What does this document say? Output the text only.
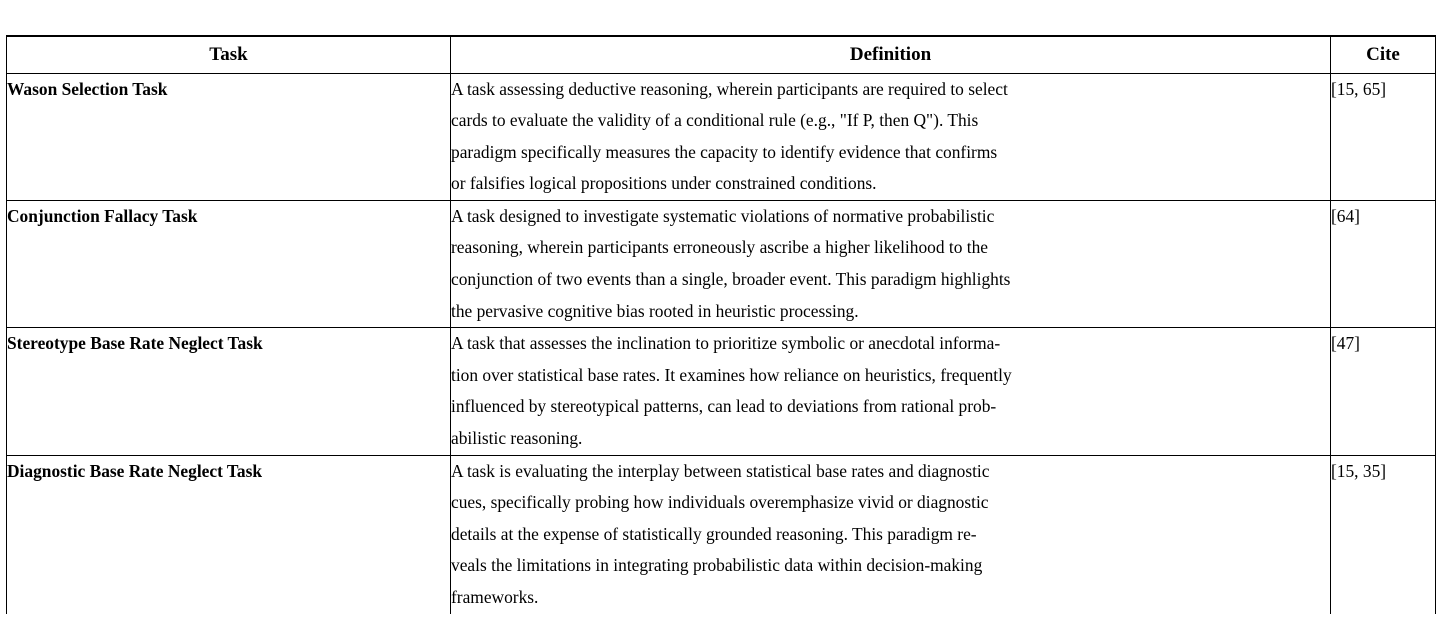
Task	Definition	Cite
Wason Selection Task	A task assessing deductive reasoning, wherein participants are required to select
cards to evaluate the validity of a conditional rule (e.g., "If P, then Q"). This
paradigm specifically measures the capacity to identify evidence that confirms
or falsifies logical propositions under constrained conditions.	[15, 65]
Conjunction Fallacy Task	A task designed to investigate systematic violations of normative probabilistic
reasoning, wherein participants erroneously ascribe a higher likelihood to the
conjunction of two events than a single, broader event. This paradigm highlights
the pervasive cognitive bias rooted in heuristic processing.	[64]
Stereotype Base Rate Neglect Task	A task that assesses the inclination to prioritize symbolic or anecdotal informa-
tion over statistical base rates. It examines how reliance on heuristics, frequently
influenced by stereotypical patterns, can lead to deviations from rational prob-
abilistic reasoning.	[47]
Diagnostic Base Rate Neglect Task	A task is evaluating the interplay between statistical base rates and diagnostic
cues, specifically probing how individuals overemphasize vivid or diagnostic
details at the expense of statistically grounded reasoning. This paradigm re-
veals the limitations in integrating probabilistic data within decision-making
frameworks.	[15, 35]
